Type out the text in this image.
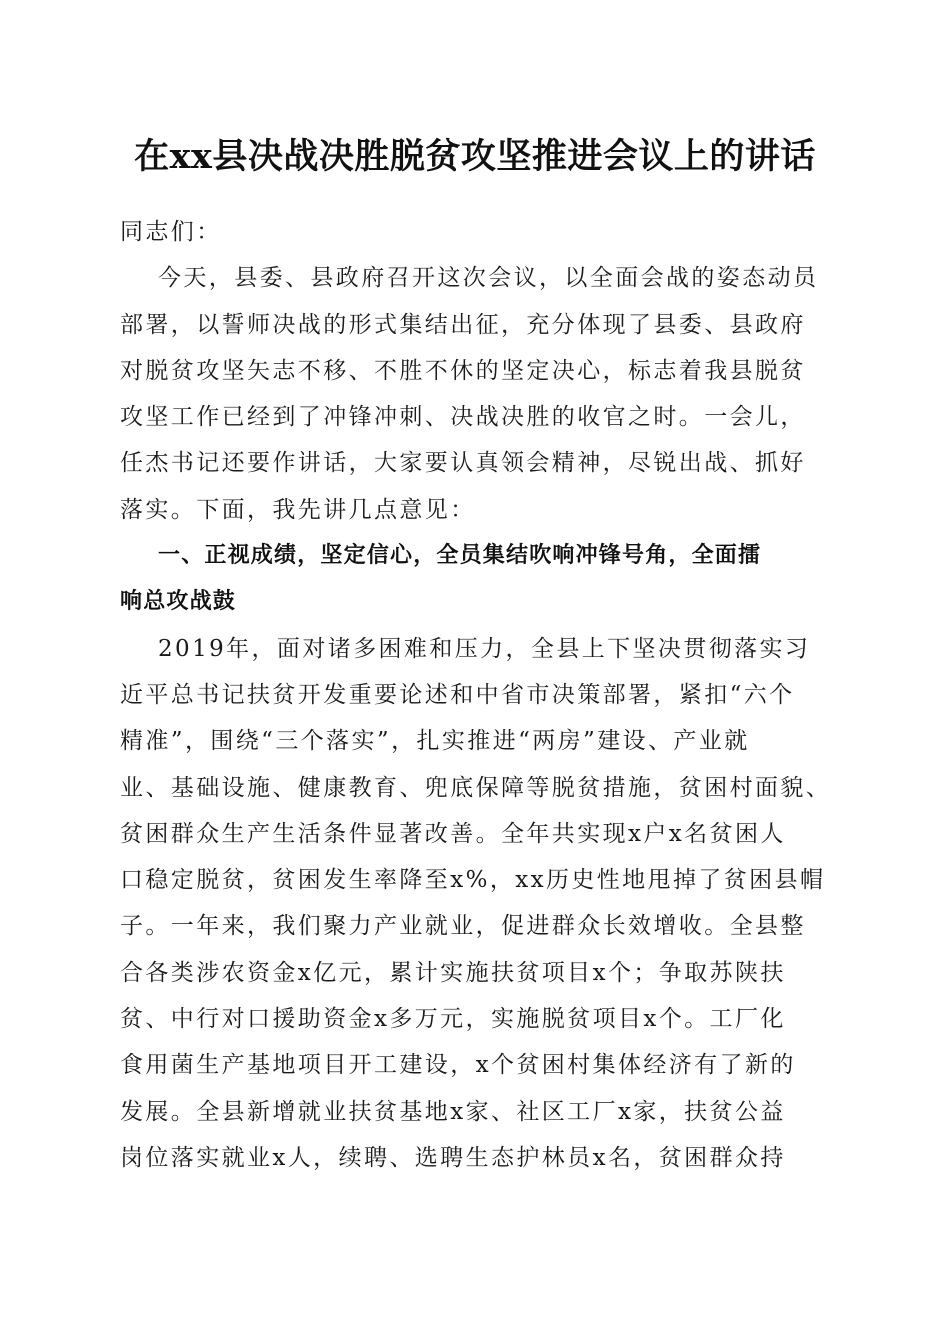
在xx县决战决胜脱贫攻坚推进会议上的讲话
同志们：
今天，县委、县政府召开这次会议，以全面会战的姿态动员
部署，以誓师决战的形式集结出征，充分体现了县委、县政府
对脱贫攻坚矢志不移、不胜不休的坚定决心，标志着我县脱贫
攻坚工作已经到了冲锋冲刺、决战决胜的收官之时。一会儿，
任杰书记还要作讲话，大家要认真领会精神，尽锐出战、抓好
落实。下面，我先讲几点意见：
一、正视成绩，坚定信心，全员集结吹响冲锋号角，全面擂
响总攻战鼓
2019年，面对诸多困难和压力，全县上下坚决贯彻落实习
近平总书记扶贫开发重要论述和中省市决策部署，紧扣“六个
精准”，围绕“三个落实”，扎实推进“两房”建设、产业就
业、基础设施、健康教育、兜底保障等脱贫措施，贫困村面貌、
贫困群众生产生活条件显著改善。全年共实现x户x名贫困人
口稳定脱贫，贫困发生率降至x%，xx历史性地甩掉了贫困县帽
子。一年来，我们聚力产业就业，促进群众长效增收。全县整
合各类涉农资金x亿元，累计实施扶贫项目x个；争取苏陕扶
贫、中行对口援助资金x多万元，实施脱贫项目x个。工厂化
食用菌生产基地项目开工建设，x个贫困村集体经济有了新的
发展。全县新增就业扶贫基地x家、社区工厂x家，扶贫公益
岗位落实就业x人，续聘、选聘生态护林员x名，贫困群众持
